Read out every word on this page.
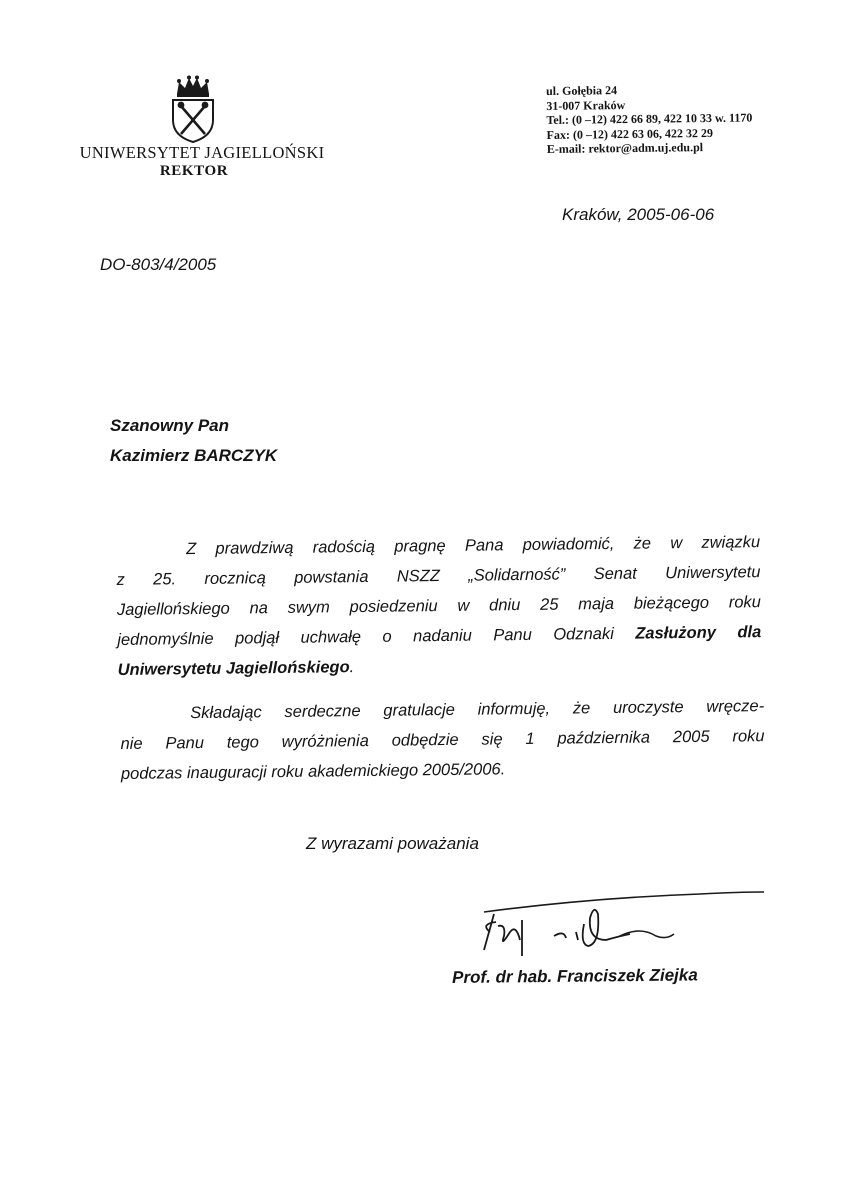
UNIWERSYTET JAGIELLOŃSKI
REKTOR
ul. Gołębia 24
31-007 Kraków
Tel.: (0 –12) 422 66 89, 422 10 33 w. 1170
Fax: (0 –12) 422 63 06, 422 32 29
E-mail: rektor@adm.uj.edu.pl
Kraków, 2005-06-06
DO-803/4/2005
Szanowny Pan
Kazimierz BARCZYK
Z prawdziwą radością pragnę Pana powiadomić, że w związku
z 25. rocznicą powstania NSZZ „Solidarność” Senat Uniwersytetu
Jagiellońskiego na swym posiedzeniu w dniu 25 maja bieżącego roku
jednomyślnie podjął uchwałę o nadaniu Panu Odznaki Zasłużony dla
Uniwersytetu Jagiellońskiego.
Składając serdeczne gratulacje informuję, że uroczyste wręcze-
nie Panu tego wyróżnienia odbędzie się 1 października 2005 roku
podczas inauguracji roku akademickiego 2005/2006.
Z wyrazami poważania
Prof. dr hab. Franciszek Ziejka
